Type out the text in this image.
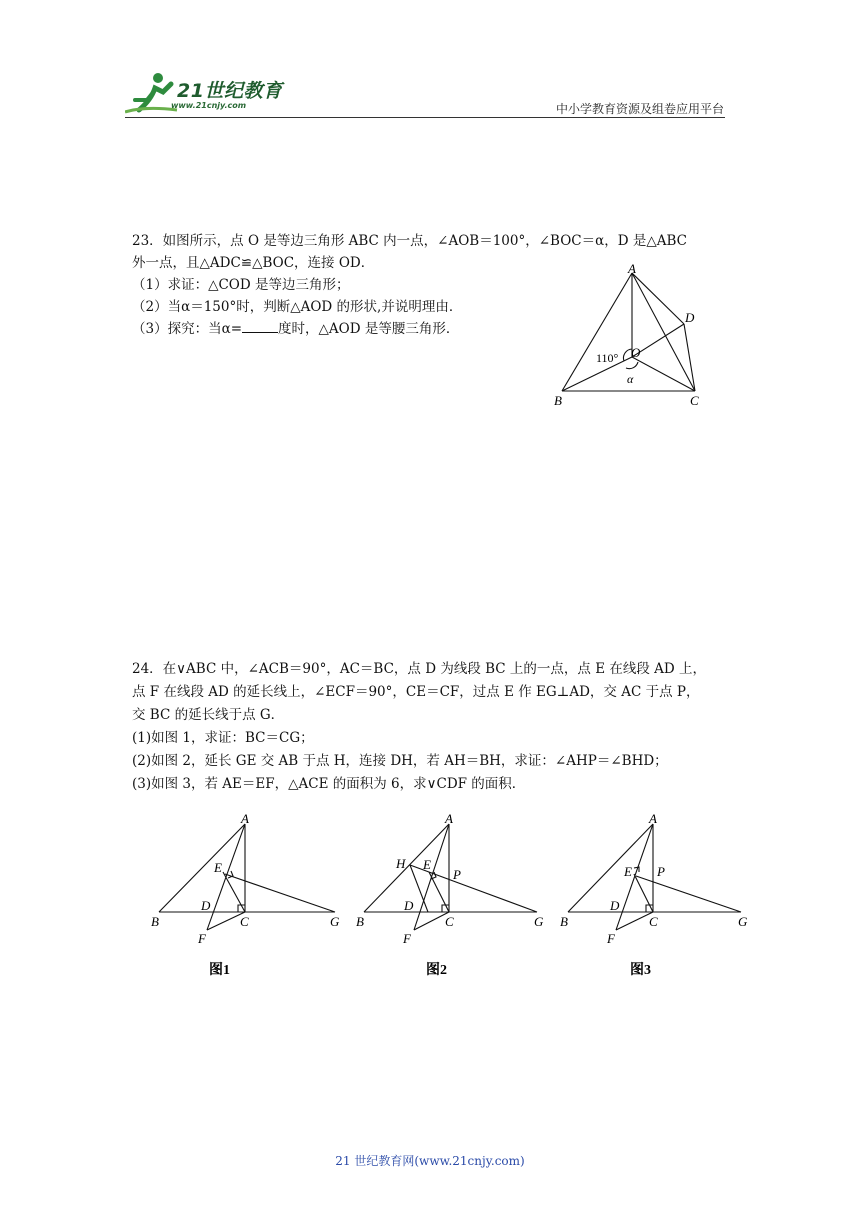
21世纪教育
www.21cnjy.com	中小学教育资源及组卷应用平台
23．如图所示，点 O 是等边三角形 ABC 内一点，∠AOB＝100°，∠BOC＝α，D 是△ABC
外一点，且△ADC≌△BOC，连接 OD．
（1）求证：△COD 是等边三角形；
（2）当α＝150°时，判断△AOD 的形状,并说明理由．
（3）探究：当α=	度时，△AOD 是等腰三角形．
A
B	C
D
O
110°
α
24．在∨ABC 中，∠ACB＝90°，AC＝BC，点 D 为线段 BC 上的一点，点 E 在线段 AD 上，
点 F 在线段 AD 的延长线上，∠ECF＝90°，CE＝CF，过点 E 作 EG⊥AD，交 AC 于点 P，
交 BC 的延长线于点 G．
(1)如图 1，求证：BC＝CG；
(2)如图 2，延长 GE 交 AB 于点 H，连接 DH，若 AH＝BH，求证：∠AHP＝∠BHD；
(3)如图 3，若 AE＝EF，△ACE 的面积为 6，求∨CDF 的面积．
A
B	C
D
E
F
G
图1
A
B	C
D
E
F
G
H
P
图2
A
B	C
D
E
F
G
P
图3
21 世纪教育网(www.21cnjy.com)
